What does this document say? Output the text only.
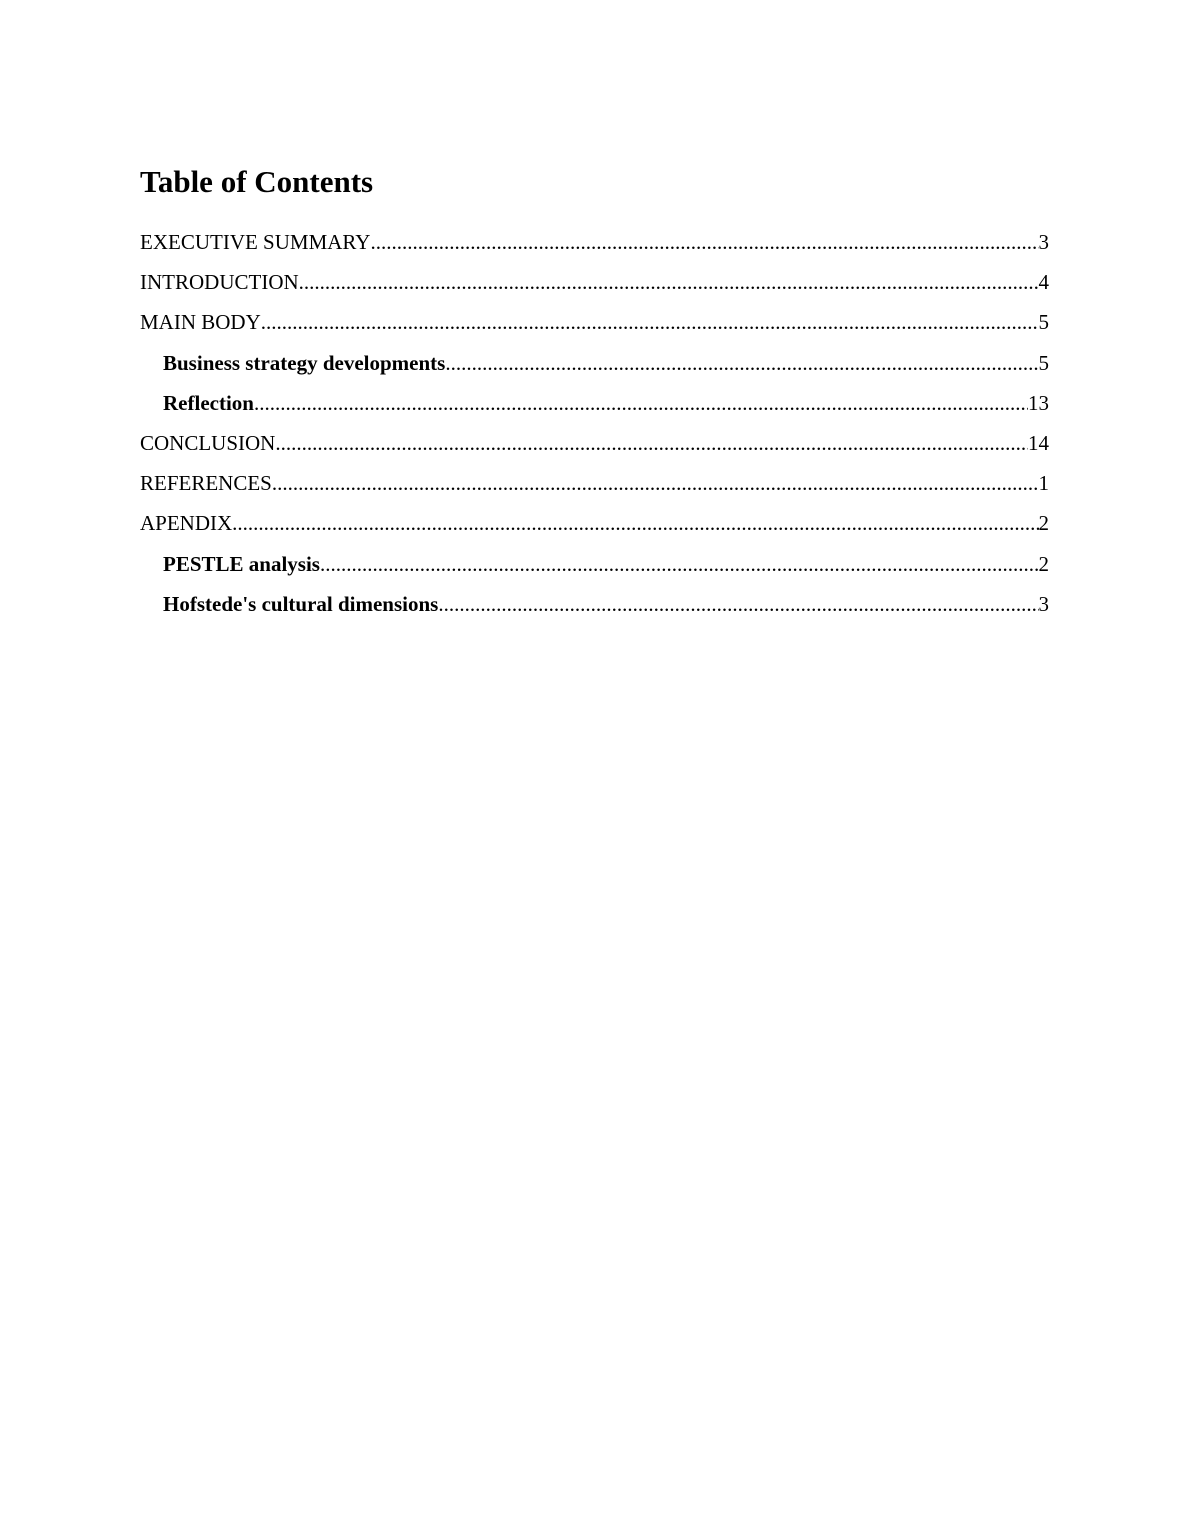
Table of Contents
EXECUTIVE SUMMARY .....	3
INTRODUCTION .....	4
MAIN BODY .....	5
Business strategy developments .....	5
Reflection .....	13
CONCLUSION .....	14
REFERENCES .....	1
APENDIX .....	2
PESTLE analysis .....	2
Hofstede's cultural dimensions .....	3
